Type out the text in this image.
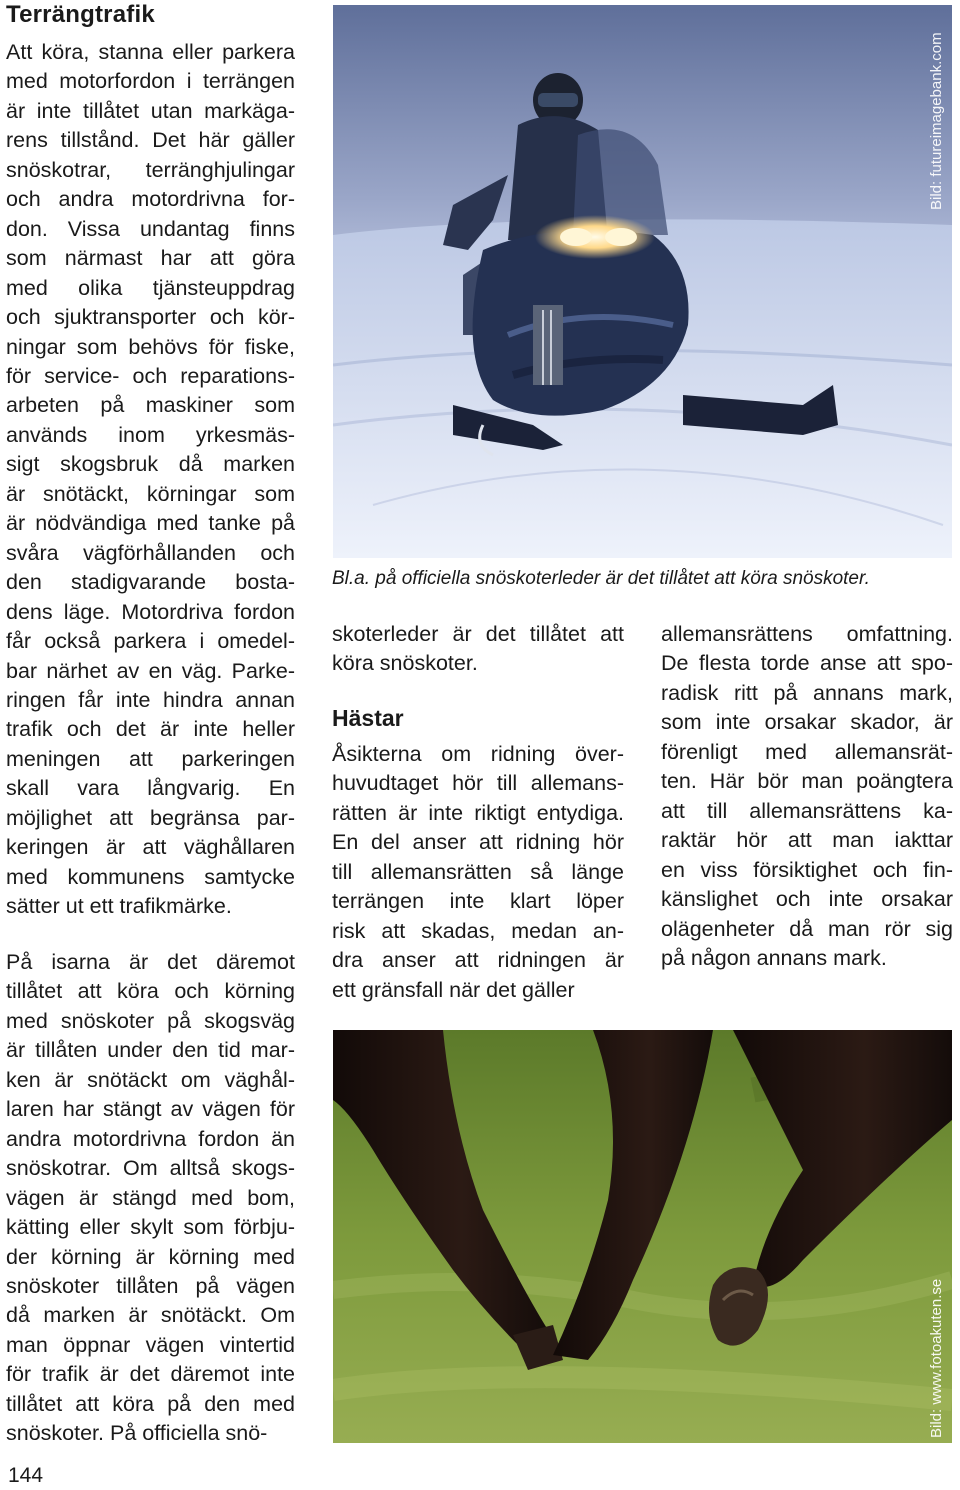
Terrängtrafik
Att köra, stanna eller parkera
med motorfordon i terrängen
är inte tillåtet utan markäga-
rens tillstånd. Det här gäller
snöskotrar, terränghjulingar
och andra motordrivna for-
don. Vissa undantag finns
som närmast har att göra
med olika tjänsteuppdrag
och sjuktransporter och kör-
ningar som behövs för fiske,
för service- och reparations-
arbeten på maskiner som
används inom yrkesmäs-
sigt skogsbruk då marken
är snötäckt, körningar som
är nödvändiga med tanke på
svåra vägförhållanden och
den stadigvarande bosta-
dens läge. Motordriva fordon
får också parkera i omedel-
bar närhet av en väg. Parke-
ringen får inte hindra annan
trafik och det är inte heller
meningen att parkeringen
skall vara långvarig. En
möjlighet att begränsa par-
keringen är att väghållaren
med kommunens samtycke
sätter ut ett trafikmärke.
På isarna är det däremot
tillåtet att köra och körning
med snöskoter på skogsväg
är tillåten under den tid mar-
ken är snötäckt om väghål-
laren har stängt av vägen för
andra motordrivna fordon än
snöskotrar. Om alltså skogs-
vägen är stängd med bom,
kätting eller skylt som förbju-
der körning är körning med
snöskoter tillåten på vägen
då marken är snötäckt. Om
man öppnar vägen vintertid
för trafik är det däremot inte
tillåtet att köra på den med
snöskoter. På officiella snö-
Bild: futureimagebank.com
Bl.a. på officiella snöskoterleder är det tillåtet att köra snöskoter.
skoterleder är det tillåtet att
köra snöskoter.
Hästar
Åsikterna om ridning över-
huvudtaget hör till allemans-
rätten är inte riktigt entydiga.
En del anser att ridning hör
till allemansrätten så länge
terrängen inte klart löper
risk att skadas, medan an-
dra anser att ridningen är
ett gränsfall när det gäller
allemansrättens omfattning.
De flesta torde anse att spo-
radisk ritt på annans mark,
som inte orsakar skador, är
förenligt med allemansrät-
ten. Här bör man poängtera
att till allemansrättens ka-
raktär hör att man iakttar
en viss försiktighet och fin-
känslighet och inte orsakar
olägenheter då man rör sig
på någon annans mark.
Bild: www.fotoakuten.se
144
